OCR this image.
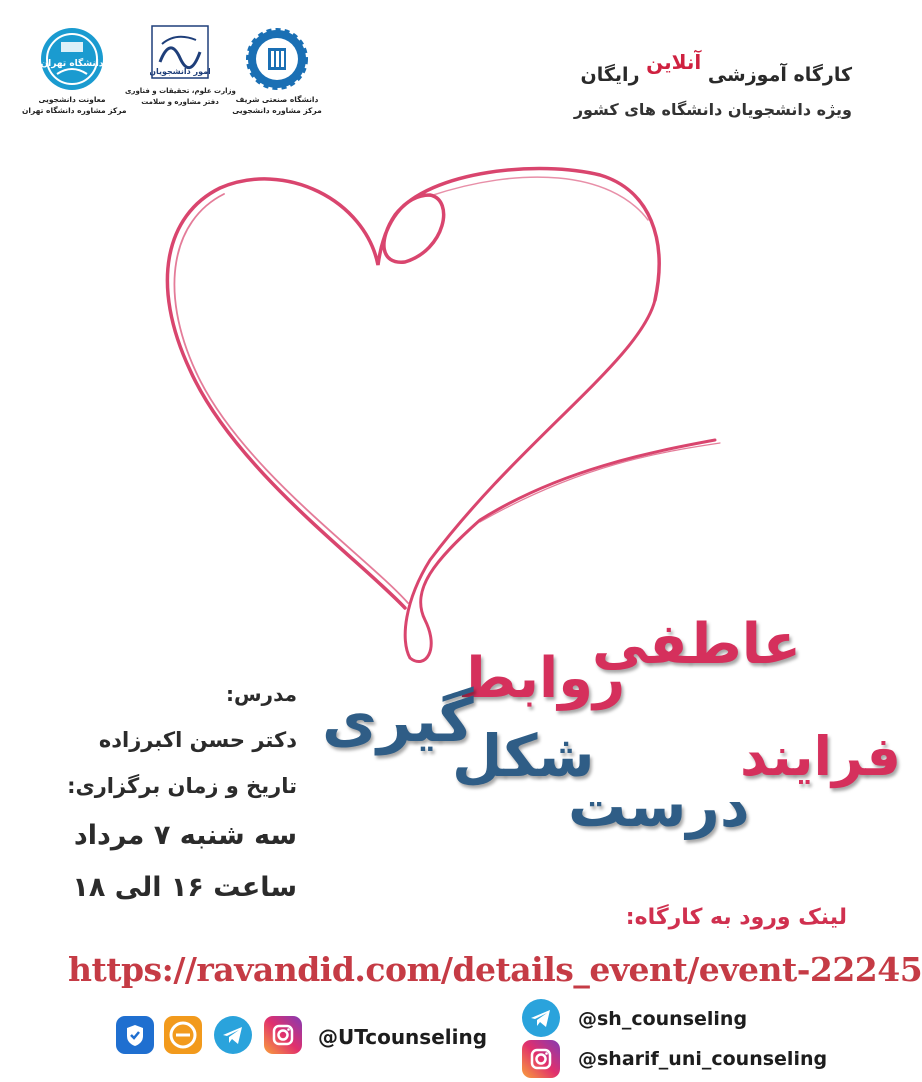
دانشگاه تهران
معاونت دانشجویی
مرکز مشاوره دانشگاه تهران
امور دانشجویان
وزارت علوم، تحقیقات و فناوری
دفتر مشاوره و سلامت	دانشگاه صنعتی شریف
مرکز مشاوره دانشجویی
کارگاه آموزشی آنلاین رایگان
ویژه دانشجویان دانشگاه های کشور
روابط
عاطفی
فرایند
شکل
گیری
درست
مدرس:
دکتر حسن اکبرزاده
تاریخ و زمان برگزاری:
سه شنبه ۷ مرداد
ساعت ۱۶ الی ۱۸
لینک ورود به کارگاه:
https://ravandid.com/details_event/event-22245
@UTcounseling
@sh_counseling
@sharif_uni_counseling
